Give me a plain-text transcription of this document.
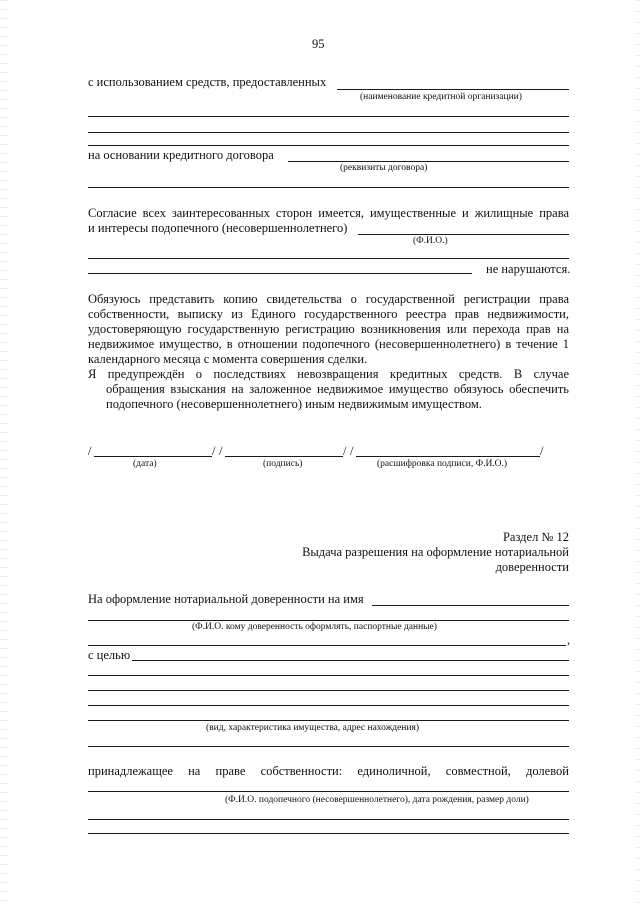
95
с использованием средств, предоставленных
(наименование кредитной организации)
на основании кредитного договора
(реквизиты договора)
Согласие всех заинтересованных сторон имеется, имущественные и жилищные права
и интересы подопечного (несовершеннолетнего)
(Ф.И.О.)
не нарушаются.
Обязуюсь представить копию свидетельства о государственной регистрации права
собственности, выписку из Единого государственного реестра прав недвижимости,
удостоверяющую государственную регистрацию возникновения или перехода прав на
недвижимое имущество, в отношении подопечного (несовершеннолетнего) в течение 1
календарного месяца с момента совершения сделки.
Я предупреждён о последствиях невозвращения кредитных средств. В случае
обращения взыскания на заложенное недвижимое имущество обязуюсь обеспечить
подопечного (несовершеннолетнего) иным недвижимым имуществом.
/	/ /	/ /	/
(дата)	(подпись)	(расшифровка подписи, Ф.И.О.)
Раздел № 12
Выдача разрешения на оформление нотариальной
доверенности
На оформление нотариальной доверенности на имя
(Ф.И.О. кому доверенность оформлять, паспортные данные)
,
с целью
(вид, характеристика имущества, адрес нахождения)
принадлежащее на праве собственности: единоличной, совместной, долевой
(Ф.И.О. подопечного (несовершеннолетнего), дата рождения, размер доли)
